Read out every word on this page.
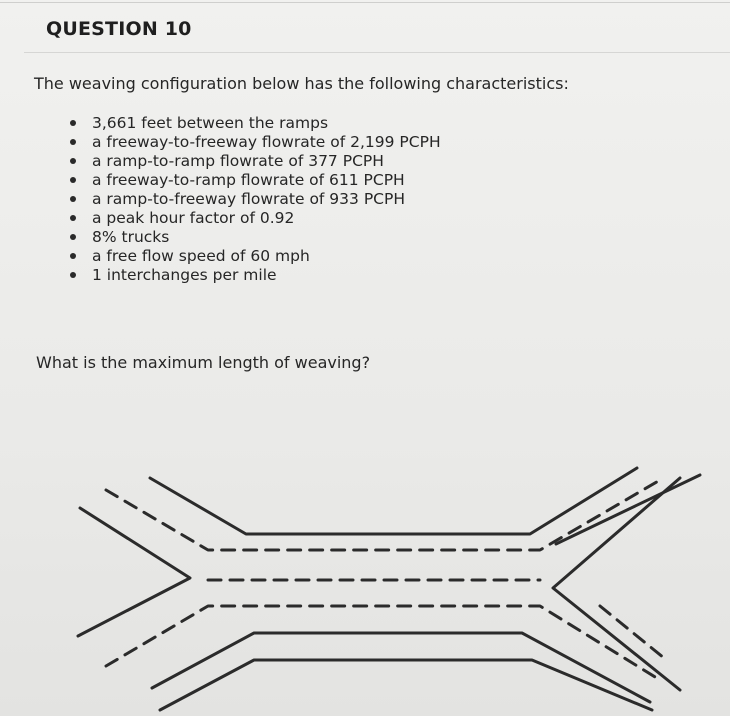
QUESTION 10
The weaving configuration below has the following characteristics:
3,661 feet between the ramps
a freeway-to-freeway flowrate of 2,199 PCPH
a ramp-to-ramp flowrate of 377 PCPH
a freeway-to-ramp flowrate of 611 PCPH
a ramp-to-freeway flowrate of 933 PCPH
a peak hour factor of 0.92
8% trucks
a free flow speed of 60 mph
1 interchanges per mile
What is the maximum length of weaving?
